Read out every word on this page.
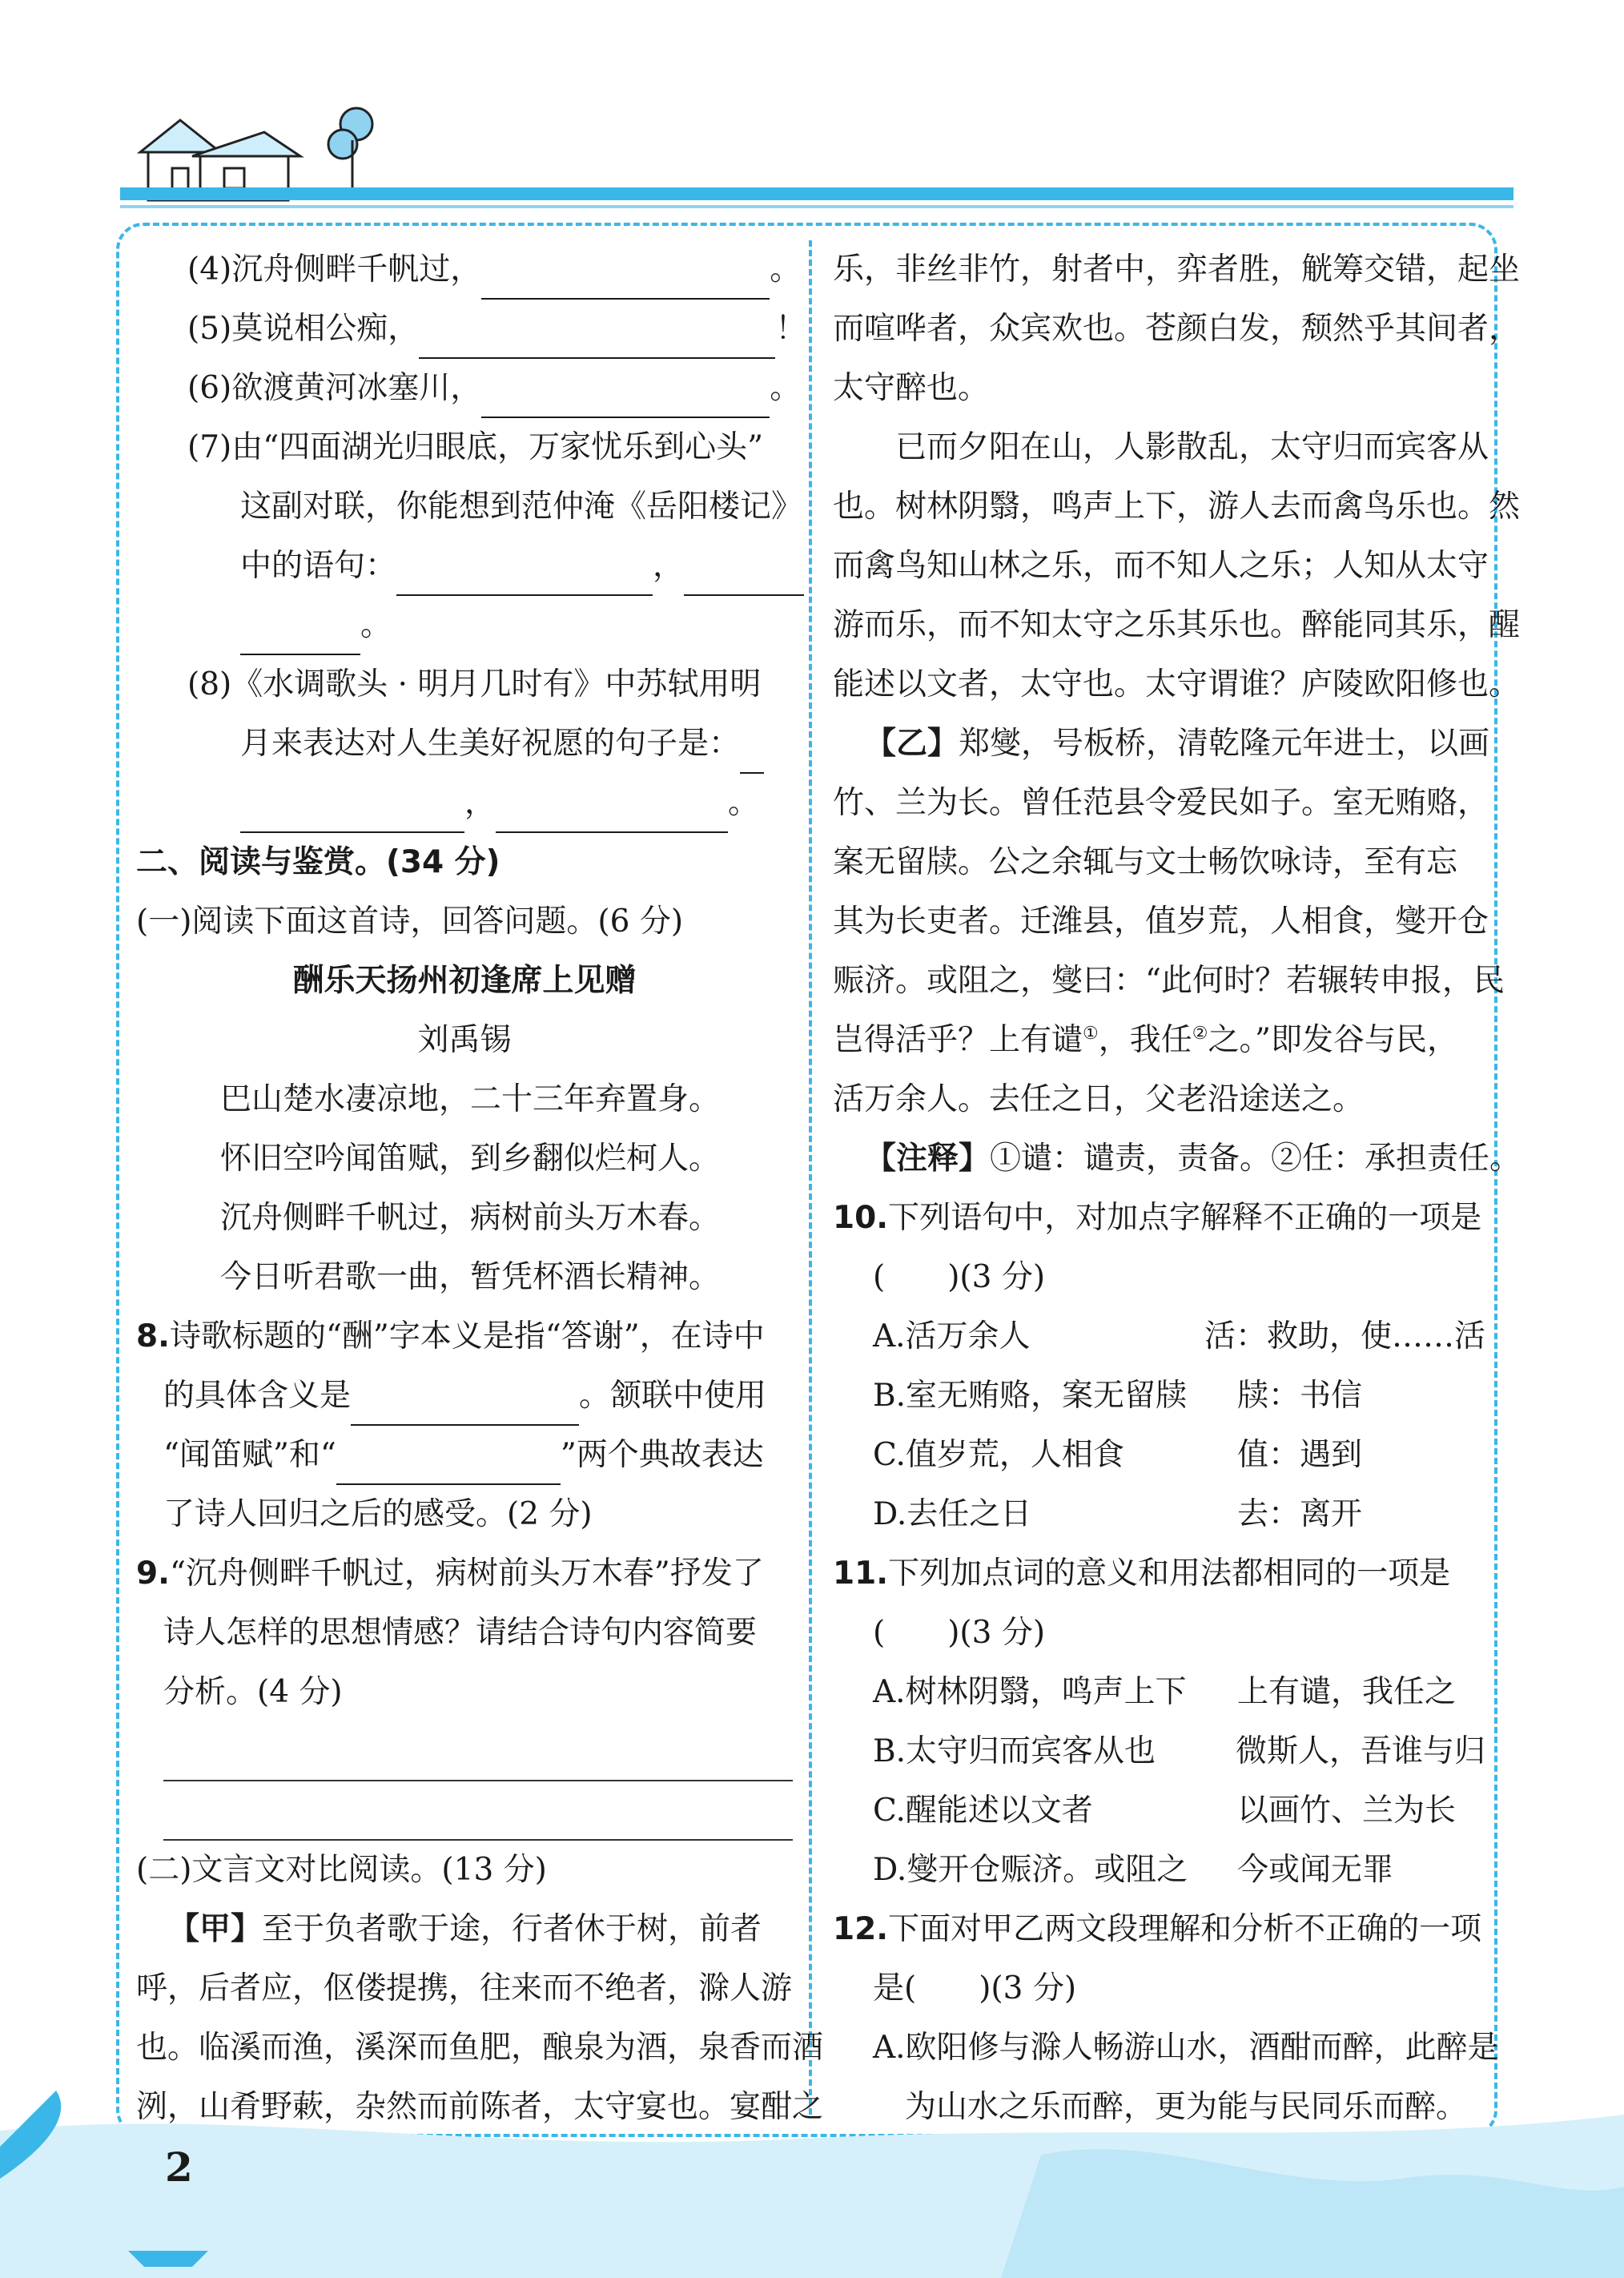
(4)沉舟侧畔千帆过，	。
(5)莫说相公痴，	！
(6)欲渡黄河冰塞川，	。
(7)由“四面湖光归眼底，万家忧乐到心头”
这副对联，你能想到范仲淹《岳阳楼记》
中的语句：	，
。
(8)《水调歌头 · 明月几时有》中苏轼用明
月来表达对人生美好祝愿的句子是：
，	。
二、阅读与鉴赏。(34 分)
(一)阅读下面这首诗，回答问题。(6 分)
酬乐天扬州初逢席上见赠
刘禹锡
巴山楚水凄凉地，二十三年弃置身。
怀旧空吟闻笛赋，到乡翻似烂柯人。
沉舟侧畔千帆过，病树前头万木春。
今日听君歌一曲，暂凭杯酒长精神。
8.诗歌标题的“酬”字本义是指“答谢”，在诗中
的具体含义是	。颔联中使用
“闻笛赋”和“	”两个典故表达
了诗人回归之后的感受。(2 分)
9.“沉舟侧畔千帆过，病树前头万木春”抒发了
诗人怎样的思想情感？请结合诗句内容简要
分析。(4 分)
(二)文言文对比阅读。(13 分)
【甲】至于负者歌于途，行者休于树，前者
呼，后者应，伛偻提携，往来而不绝者，滁人游
也。临溪而渔，溪深而鱼肥，酿泉为酒，泉香而酒
洌，山肴野蔌，杂然而前陈者，太守宴也。宴酣之
乐，非丝非竹，射者中，弈者胜，觥筹交错，起坐
而喧哗者，众宾欢也。苍颜白发，颓然乎其间者，
太守醉也。
已而夕阳在山，人影散乱，太守归而宾客从
也。树林阴翳，鸣声上下，游人去而禽鸟乐也。然
而禽鸟知山林之乐，而不知人之乐；人知从太守
游而乐，而不知太守之乐其乐也。醉能同其乐，醒
能述以文者，太守也。太守谓谁？庐陵欧阳修也。
【乙】郑燮，号板桥，清乾隆元年进士，以画
竹、兰为长。曾任范县令爱民如子。室无贿赂，
案无留牍。公之余辄与文士畅饮咏诗，至有忘
其为长吏者。迁潍县，值岁荒，人相食，燮开仓
赈济。或阻之，燮曰：“此何时？若辗转申报，民
岂得活乎？上有谴①，我任②之。”即发谷与民，
活万余人。去任之日，父老沿途送之。
【注释】①谴：谴责，责备。②任：承担责任。
10.下列语句中，对加点字解释不正确的一项是
(　　)(3 分)
A.活万余人	活：救助，使……活
B.室无贿赂，案无留牍	牍：书信
C.值岁荒，人相食	值：遇到
D.去任之日	去：离开
11.下列加点词的意义和用法都相同的一项是
(　　)(3 分)
A.树林阴翳，鸣声上下	上有谴，我任之
B.太守归而宾客从也	微斯人，吾谁与归
C.醒能述以文者	以画竹、兰为长
D.燮开仓赈济。或阻之	今或闻无罪
12.下面对甲乙两文段理解和分析不正确的一项
是(　　)(3 分)
A.欧阳修与滁人畅游山水，酒酣而醉，此醉是
为山水之乐而醉，更为能与民同乐而醉。
2
